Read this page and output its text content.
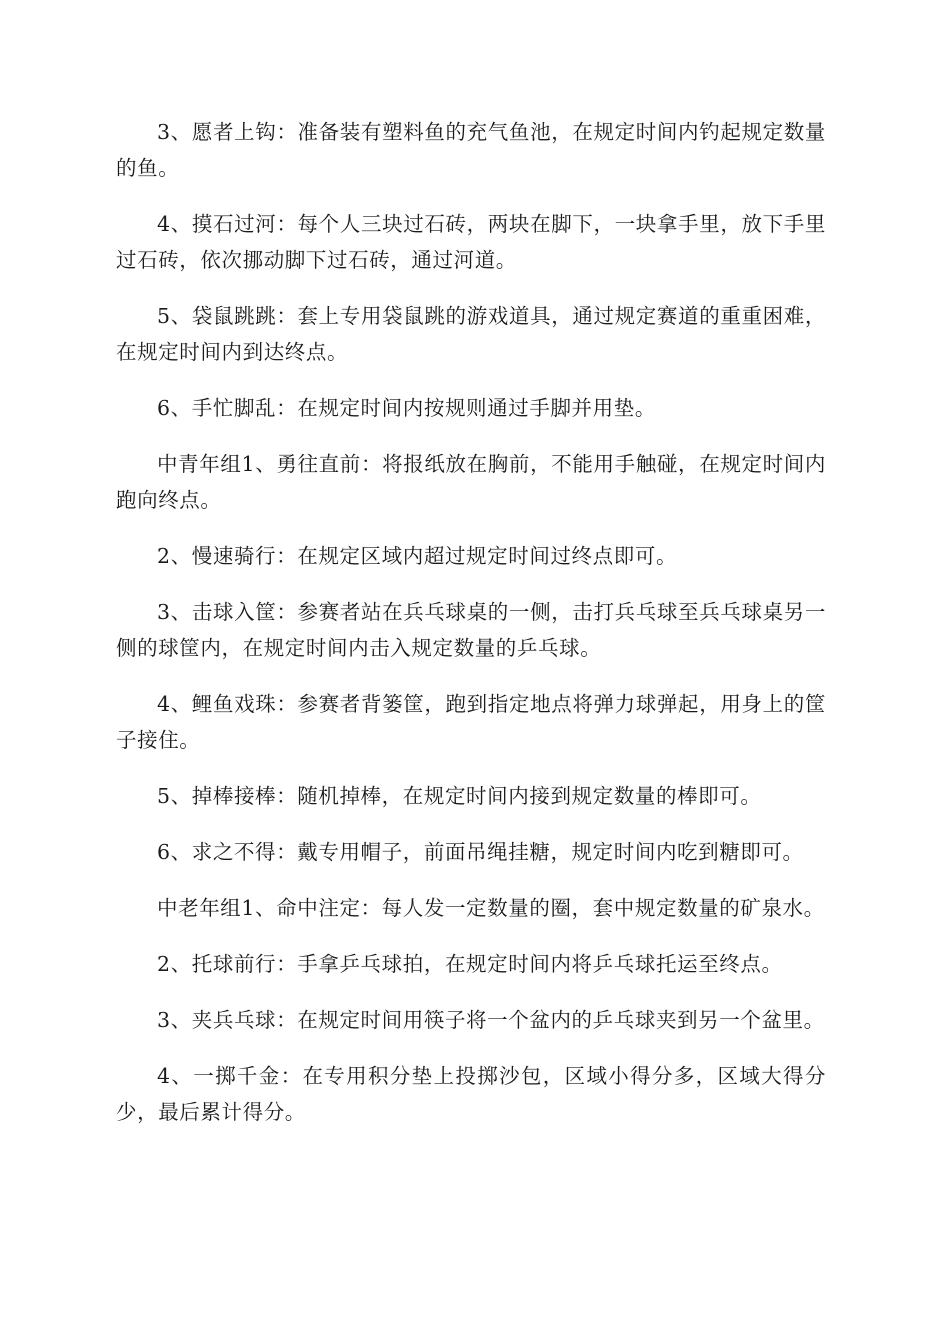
3、愿者上钩：准备装有塑料鱼的充气鱼池，在规定时间内钓起规定数量的鱼。

4、摸石过河：每个人三块过石砖，两块在脚下，一块拿手里，放下手里过石砖，依次挪动脚下过石砖，通过河道。

5、袋鼠跳跳：套上专用袋鼠跳的游戏道具，通过规定赛道的重重困难，在规定时间内到达终点。

6、手忙脚乱：在规定时间内按规则通过手脚并用垫。

中青年组1、勇往直前：将报纸放在胸前，不能用手触碰，在规定时间内跑向终点。

2、慢速骑行：在规定区域内超过规定时间过终点即可。

3、击球入筐：参赛者站在兵乓球桌的一侧，击打兵乓球至兵乓球桌另一侧的球筐内，在规定时间内击入规定数量的乒乓球。

4、鲤鱼戏珠：参赛者背篓筐，跑到指定地点将弹力球弹起，用身上的筐子接住。

5、掉棒接棒：随机掉棒，在规定时间内接到规定数量的棒即可。

6、求之不得：戴专用帽子，前面吊绳挂糖，规定时间内吃到糖即可。

中老年组1、命中注定：每人发一定数量的圈，套中规定数量的矿泉水。

2、托球前行：手拿乒乓球拍，在规定时间内将乒乓球托运至终点。

3、夹兵乓球：在规定时间用筷子将一个盆内的乒乓球夹到另一个盆里。

4、一掷千金：在专用积分垫上投掷沙包，区域小得分多，区域大得分少，最后累计得分。
